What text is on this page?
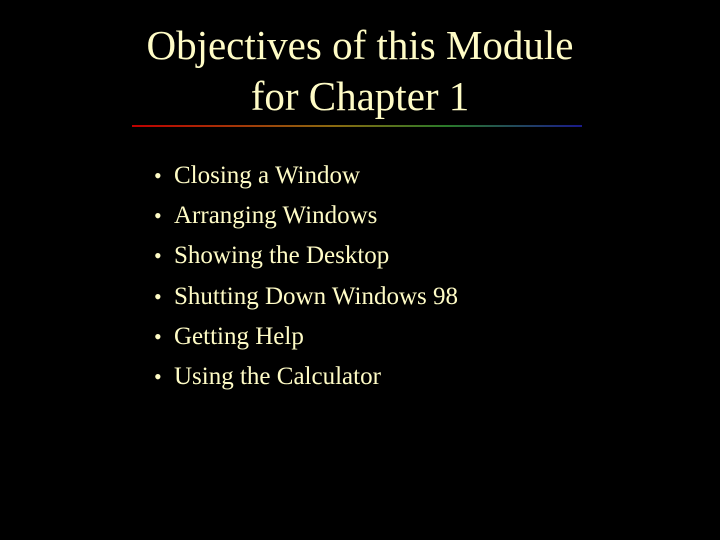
Objectives of this Module
for Chapter 1
• Closing a Window
• Arranging Windows
• Showing the Desktop
• Shutting Down Windows 98
• Getting Help
• Using the Calculator
